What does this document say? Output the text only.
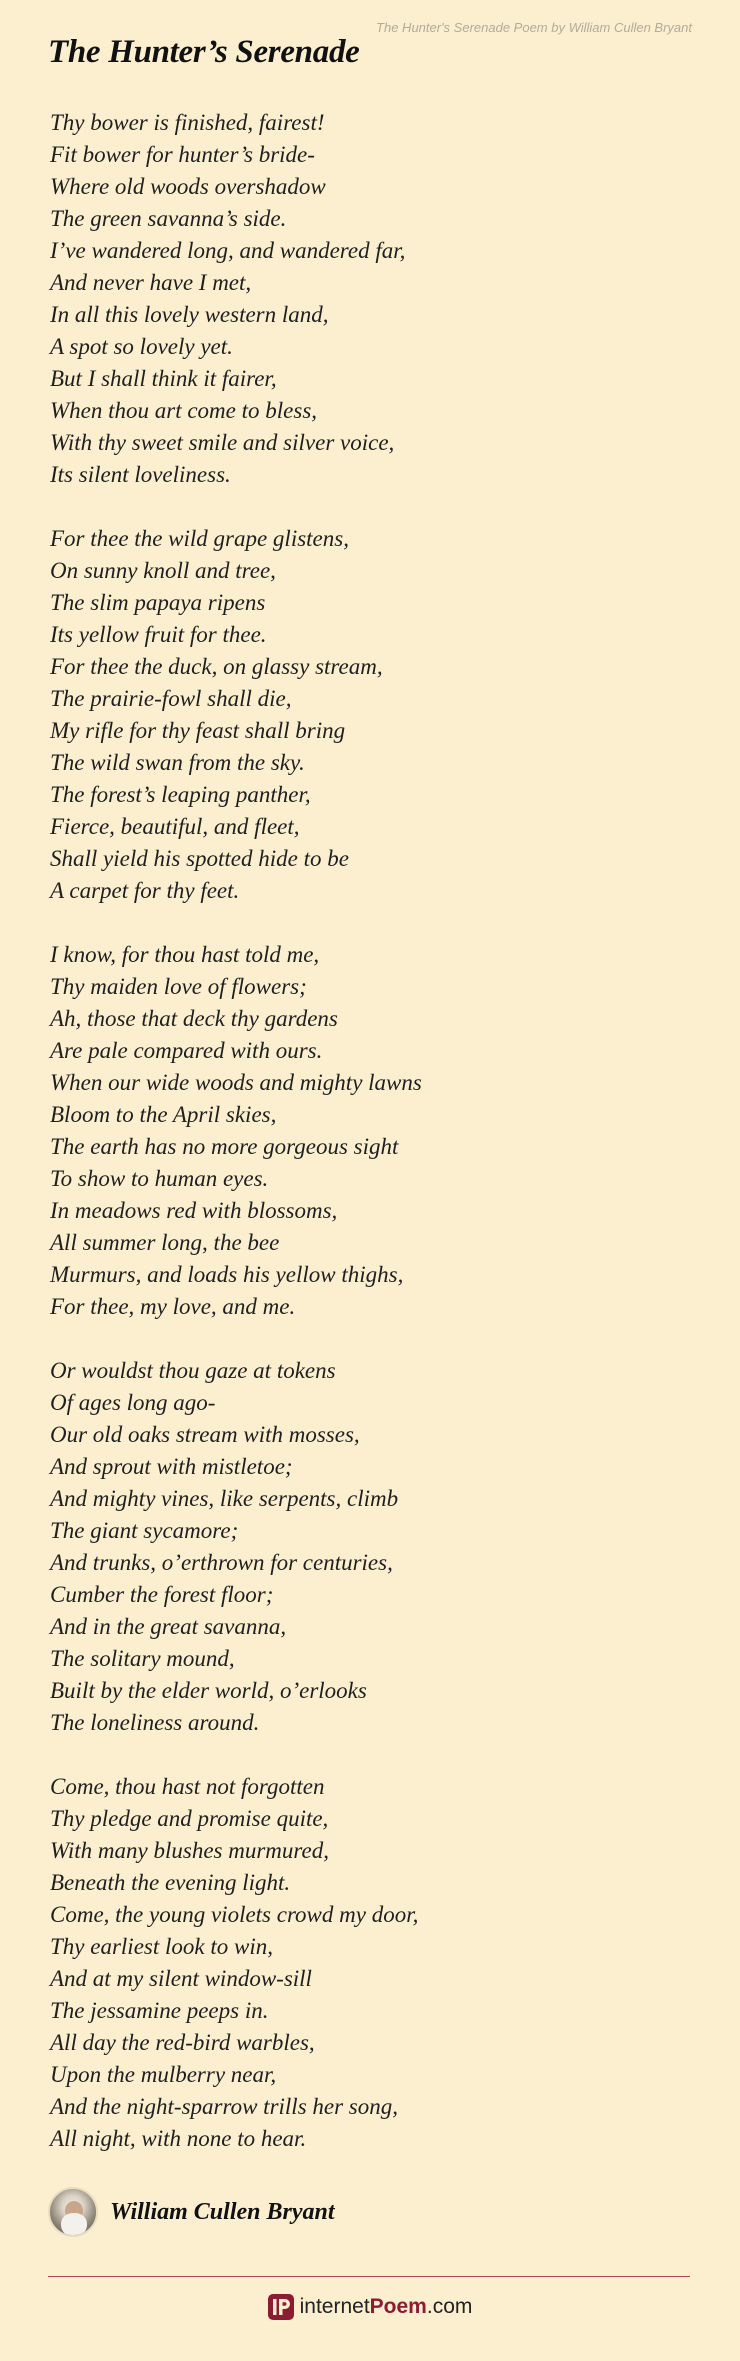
The Hunter's Serenade Poem by William Cullen Bryant
The Hunter’s Serenade
Thy bower is finished, fairest!
Fit bower for hunter’s bride-
Where old woods overshadow
The green savanna’s side.
I’ve wandered long, and wandered far,
And never have I met,
In all this lovely western land,
A spot so lovely yet.
But I shall think it fairer,
When thou art come to bless,
With thy sweet smile and silver voice,
Its silent loveliness.
For thee the wild grape glistens,
On sunny knoll and tree,
The slim papaya ripens
Its yellow fruit for thee.
For thee the duck, on glassy stream,
The prairie-fowl shall die,
My rifle for thy feast shall bring
The wild swan from the sky.
The forest’s leaping panther,
Fierce, beautiful, and fleet,
Shall yield his spotted hide to be
A carpet for thy feet.
I know, for thou hast told me,
Thy maiden love of flowers;
Ah, those that deck thy gardens
Are pale compared with ours.
When our wide woods and mighty lawns
Bloom to the April skies,
The earth has no more gorgeous sight
To show to human eyes.
In meadows red with blossoms,
All summer long, the bee
Murmurs, and loads his yellow thighs,
For thee, my love, and me.
Or wouldst thou gaze at tokens
Of ages long ago-
Our old oaks stream with mosses,
And sprout with mistletoe;
And mighty vines, like serpents, climb
The giant sycamore;
And trunks, o’erthrown for centuries,
Cumber the forest floor;
And in the great savanna,
The solitary mound,
Built by the elder world, o’erlooks
The loneliness around.
Come, thou hast not forgotten
Thy pledge and promise quite,
With many blushes murmured,
Beneath the evening light.
Come, the young violets crowd my door,
Thy earliest look to win,
And at my silent window-sill
The jessamine peeps in.
All day the red-bird warbles,
Upon the mulberry near,
And the night-sparrow trills her song,
All night, with none to hear.
William Cullen Bryant
internetPoem.com
